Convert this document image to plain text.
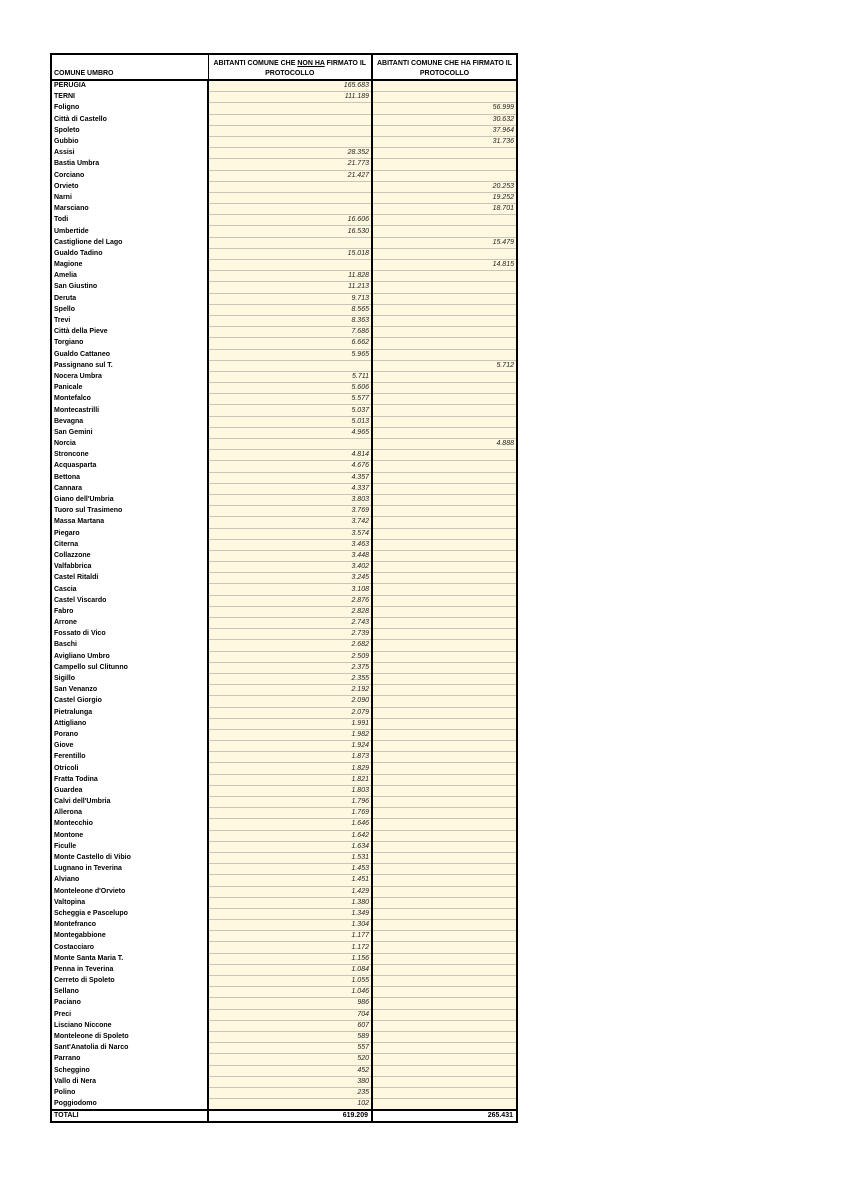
COMUNE UMBRO	ABITANTI COMUNE CHE NON HA FIRMATO IL PROTOCOLLO	ABITANTI COMUNE CHE HA FIRMATO IL PROTOCOLLO
PERUGIA	165.683	
TERNI	111.189	
Foligno		56.999
Città di Castello		30.632
Spoleto		37.964
Gubbio		31.736
Assisi	28.352	
Bastia Umbra	21.773	
Corciano	21.427	
Orvieto		20.253
Narni		19.252
Marsciano		18.701
Todi	16.606	
Umbertide	16.530	
Castiglione del Lago		15.479
Gualdo Tadino	15.018	
Magione		14.815
Amelia	11.828	
San Giustino	11.213	
Deruta	9.713	
Spello	8.565	
Trevi	8.363	
Città della Pieve	7.686	
Torgiano	6.662	
Gualdo Cattaneo	5.965	
Passignano sul T.		5.712
Nocera Umbra	5.711	
Panicale	5.606	
Montefalco	5.577	
Montecastrilli	5.037	
Bevagna	5.013	
San Gemini	4.965	
Norcia		4.888
Stroncone	4.814	
Acquasparta	4.676	
Bettona	4.357	
Cannara	4.337	
Giano dell'Umbria	3.803	
Tuoro sul Trasimeno	3.769	
Massa Martana	3.742	
Piegaro	3.574	
Citerna	3.463	
Collazzone	3.448	
Valfabbrica	3.402	
Castel Ritaldi	3.245	
Cascia	3.108	
Castel Viscardo	2.876	
Fabro	2.828	
Arrone	2.743	
Fossato di Vico	2.739	
Baschi	2.682	
Avigliano Umbro	2.509	
Campello sul Clitunno	2.375	
Sigillo	2.355	
San Venanzo	2.192	
Castel Giorgio	2.090	
Pietralunga	2.079	
Attigliano	1.991	
Porano	1.982	
Giove	1.924	
Ferentillo	1.873	
Otricoli	1.829	
Fratta Todina	1.821	
Guardea	1.803	
Calvi dell'Umbria	1.796	
Allerona	1.769	
Montecchio	1.646	
Montone	1.642	
Ficulle	1.634	
Monte Castello di Vibio	1.531	
Lugnano in Teverina	1.453	
Alviano	1.451	
Monteleone d'Orvieto	1.429	
Valtopina	1.380	
Scheggia e Pascelupo	1.349	
Montefranco	1.304	
Montegabbione	1.177	
Costacciaro	1.172	
Monte Santa Maria T.	1.156	
Penna in Teverina	1.084	
Cerreto di Spoleto	1.055	
Sellano	1.046	
Paciano	986	
Preci	704	
Lisciano Niccone	607	
Monteleone di Spoleto	589	
Sant'Anatolia di Narco	557	
Parrano	520	
Scheggino	452	
Vallo di Nera	380	
Polino	235	
Poggiodomo	102	
TOTALI	619.209	265.431
